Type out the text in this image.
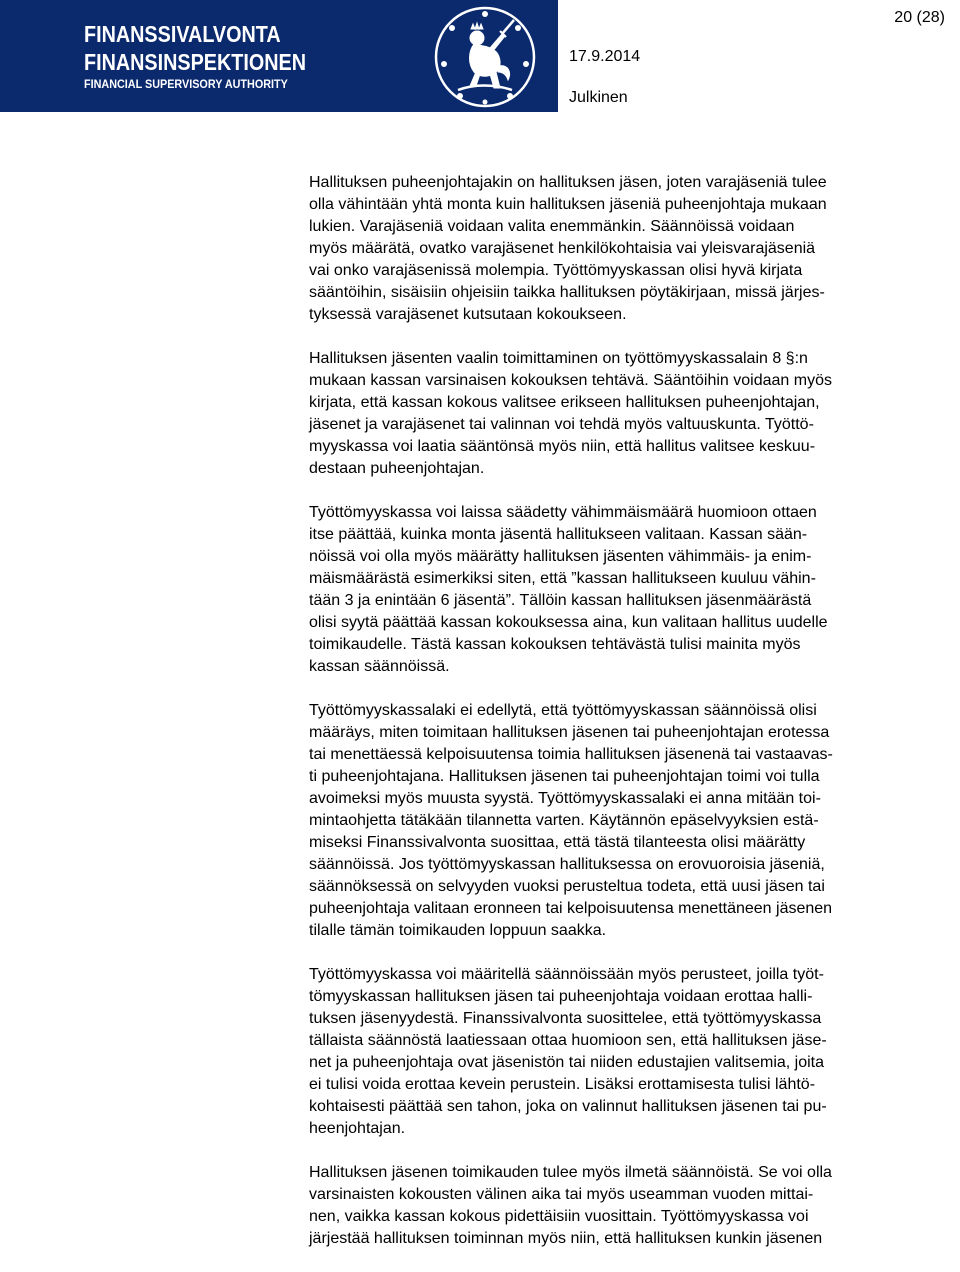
FINANSSIVALVONTA
FINANSINSPEKTIONEN
FINANCIAL SUPERVISORY AUTHORITY
17.9.2014
Julkinen
20 (28)

Hallituksen puheenjohtajakin on hallituksen jäsen, joten varajäseniä tulee
olla vähintään yhtä monta kuin hallituksen jäseniä puheenjohtaja mukaan
lukien. Varajäseniä voidaan valita enemmänkin. Säännöissä voidaan
myös määrätä, ovatko varajäsenet henkilökohtaisia vai yleisvarajäseniä
vai onko varajäsenissä molempia. Työttömyyskassan olisi hyvä kirjata
sääntöihin, sisäisiin ohjeisiin taikka hallituksen pöytäkirjaan, missä järjes-
tyksessä varajäsenet kutsutaan kokoukseen.

Hallituksen jäsenten vaalin toimittaminen on työttömyyskassalain 8 §:n
mukaan kassan varsinaisen kokouksen tehtävä. Sääntöihin voidaan myös
kirjata, että kassan kokous valitsee erikseen hallituksen puheenjohtajan,
jäsenet ja varajäsenet tai valinnan voi tehdä myös valtuuskunta. Työttö-
myyskassa voi laatia sääntönsä myös niin, että hallitus valitsee keskuu-
destaan puheenjohtajan.

Työttömyyskassa voi laissa säädetty vähimmäismäärä huomioon ottaen
itse päättää, kuinka monta jäsentä hallitukseen valitaan. Kassan sään-
nöissä voi olla myös määrätty hallituksen jäsenten vähimmäis- ja enim-
mäismäärästä esimerkiksi siten, että ”kassan hallitukseen kuuluu vähin-
tään 3 ja enintään 6 jäsentä”. Tällöin kassan hallituksen jäsenmäärästä
olisi syytä päättää kassan kokouksessa aina, kun valitaan hallitus uudelle
toimikaudelle. Tästä kassan kokouksen tehtävästä tulisi mainita myös
kassan säännöissä.

Työttömyyskassalaki ei edellytä, että työttömyyskassan säännöissä olisi
määräys, miten toimitaan hallituksen jäsenen tai puheenjohtajan erotessa
tai menettäessä kelpoisuutensa toimia hallituksen jäsenenä tai vastaavas-
ti puheenjohtajana. Hallituksen jäsenen tai puheenjohtajan toimi voi tulla
avoimeksi myös muusta syystä. Työttömyyskassalaki ei anna mitään toi-
mintaohjetta tätäkään tilannetta varten. Käytännön epäselvyyksien estä-
miseksi Finanssivalvonta suosittaa, että tästä tilanteesta olisi määrätty
säännöissä. Jos työttömyyskassan hallituksessa on erovuoroisia jäseniä,
säännöksessä on selvyyden vuoksi perusteltua todeta, että uusi jäsen tai
puheenjohtaja valitaan eronneen tai kelpoisuutensa menettäneen jäsenen
tilalle tämän toimikauden loppuun saakka.

Työttömyyskassa voi määritellä säännöissään myös perusteet, joilla työt-
tömyyskassan hallituksen jäsen tai puheenjohtaja voidaan erottaa halli-
tuksen jäsenyydestä. Finanssivalvonta suosittelee, että työttömyyskassa
tällaista säännöstä laatiessaan ottaa huomioon sen, että hallituksen jäse-
net ja puheenjohtaja ovat jäsenistön tai niiden edustajien valitsemia, joita
ei tulisi voida erottaa kevein perustein. Lisäksi erottamisesta tulisi lähtö-
kohtaisesti päättää sen tahon, joka on valinnut hallituksen jäsenen tai pu-
heenjohtajan.

Hallituksen jäsenen toimikauden tulee myös ilmetä säännöistä. Se voi olla
varsinaisten kokousten välinen aika tai myös useamman vuoden mittai-
nen, vaikka kassan kokous pidettäisiin vuosittain. Työttömyyskassa voi
järjestää hallituksen toiminnan myös niin, että hallituksen kunkin jäsenen
